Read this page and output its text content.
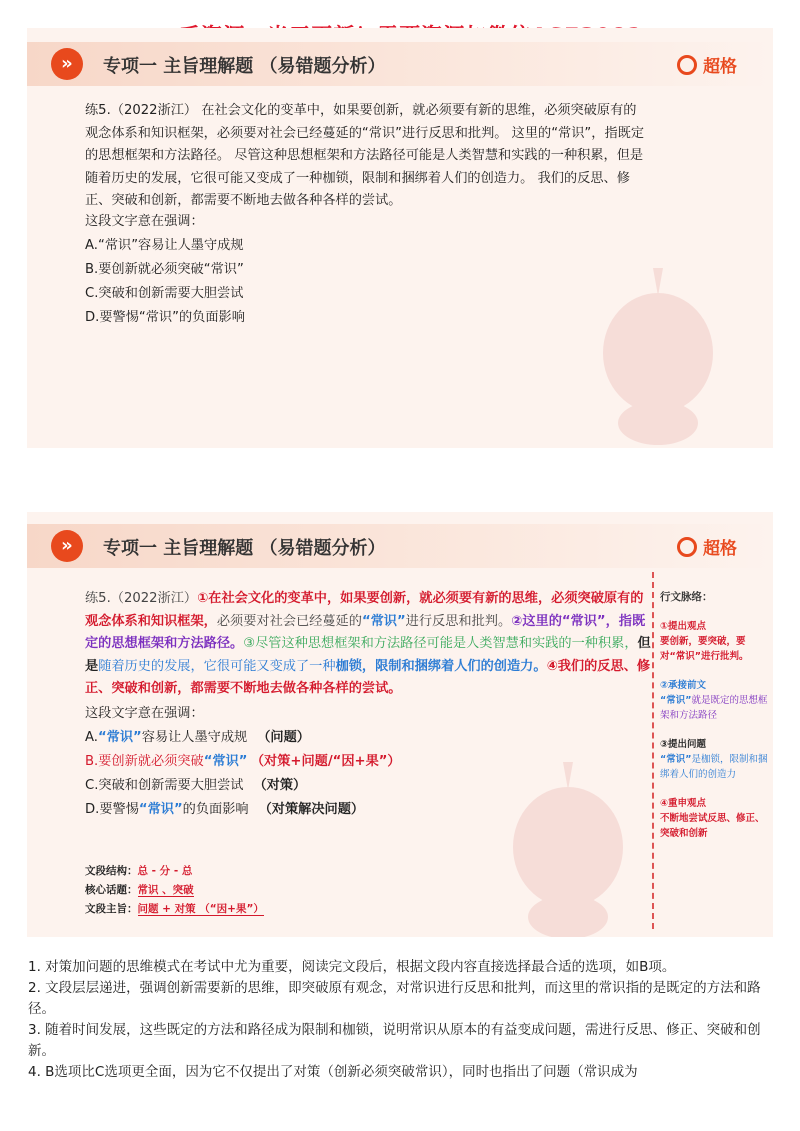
»	专项一 主旨理解题 （易错题分析）	超格
练5.（2022浙江） 在社会文化的变革中，如果要创新，就必须要有新的思维，必须突破原有的观念体系和知识框架，必须要对社会已经蔓延的“常识”进行反思和批判。 这里的“常识”，指既定的思想框架和方法路径。 尽管这种思想框架和方法路径可能是人类智慧和实践的一种积累，但是随着历史的发展，它很可能又变成了一种枷锁，限制和捆绑着人们的创造力。 我们的反思、修正、突破和创新，都需要不断地去做各种各样的尝试。
这段文字意在强调：
A.“常识”容易让人墨守成规
B.要创新就必须突破“常识”
C.突破和创新需要大胆尝试
D.要警惕“常识”的负面影响
»	专项一 主旨理解题 （易错题分析）	超格
练5.（2022浙江）①在社会文化的变革中，如果要创新，就必须要有新的思维，必须突破原有的观念体系和知识框架，必须要对社会已经蔓延的“常识”进行反思和批判。②这里的“常识”，指既定的思想框架和方法路径。③尽管这种思想框架和方法路径可能是人类智慧和实践的一种积累，但是随着历史的发展，它很可能又变成了一种枷锁，限制和捆绑着人们的创造力。④我们的反思、修正、突破和创新，都需要不断地去做各种各样的尝试。
这段文字意在强调：
A.“常识”容易让人墨守成规 （问题）
B.要创新就必须突破“常识” （对策+问题/“因+果”）
C.突破和创新需要大胆尝试 （对策）
D.要警惕“常识”的负面影响 （对策解决问题）
行文脉络：
①提出观点
要创新，要突破，要对“常识”进行批判。
②承接前文
“常识”就是既定的思想框架和方法路径
③提出问题
“常识”是枷锁，限制和捆绑着人们的创造力
④重申观点
不断地尝试反思、修正、突破和创新
文段结构：总 - 分 - 总
核心话题：常识 、突破
文段主旨：问题 + 对策 （“因+果”）

1. 对策加问题的思维模式在考试中尤为重要，阅读完文段后，根据文段内容直接选择最合适的选项，如B项。

2. 文段层层递进，强调创新需要新的思维，即突破原有观念，对常识进行反思和批判，而这里的常识指的是既定的方法和路径。

3. 随着时间发展，这些既定的方法和路径成为限制和枷锁，说明常识从原本的有益变成问题，需进行反思、修正、突破和创新。

4. B选项比C选项更全面，因为它不仅提出了对策（创新必须突破常识），同时也指出了问题（常识成为
